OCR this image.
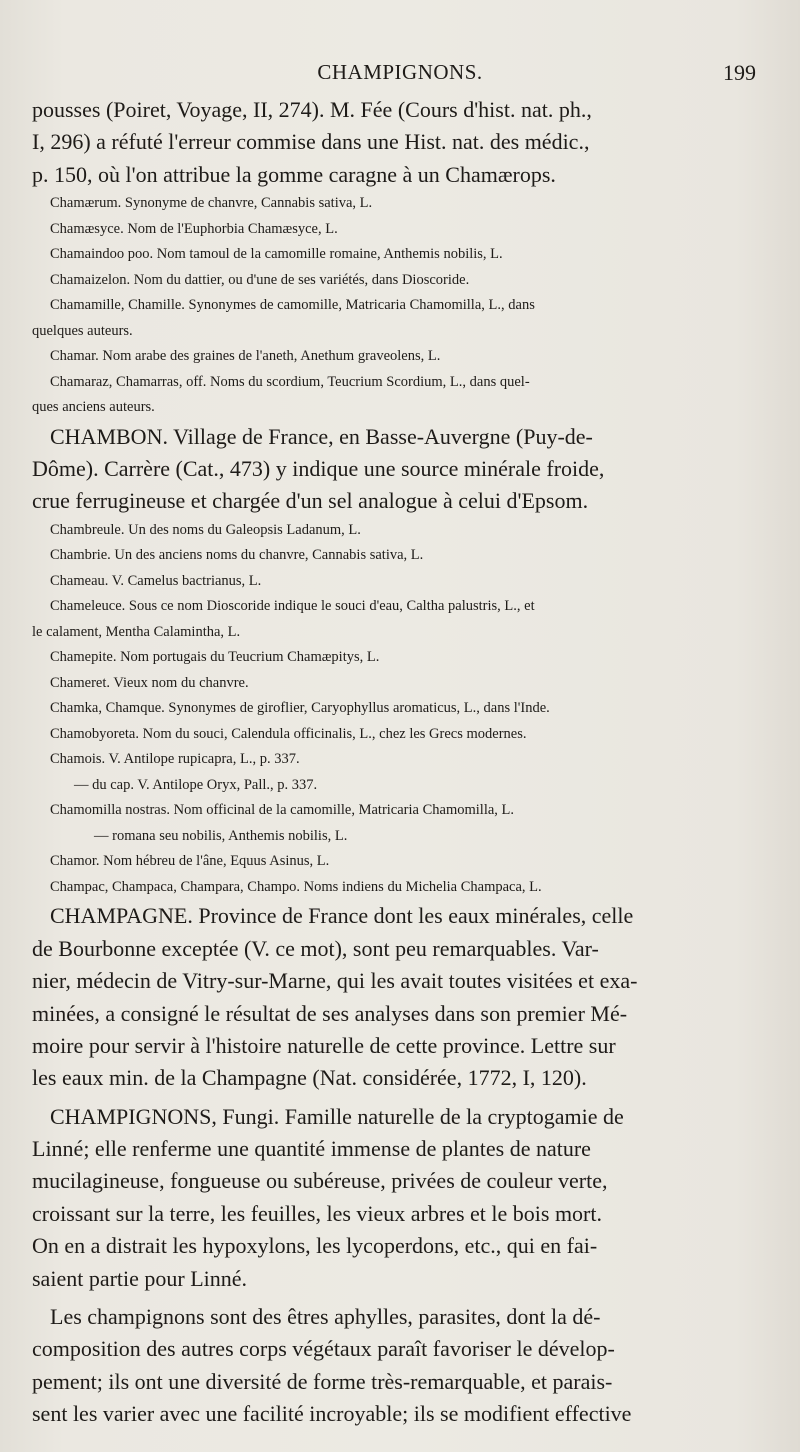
CHAMPIGNONS.	199
pousses (Poiret, Voyage, II, 274). M. Fée (Cours d'hist. nat. ph.,
I, 296) a réfuté l'erreur commise dans une Hist. nat. des médic.,
p. 150, où l'on attribue la gomme caragne à un Chamærops.
Chamærum. Synonyme de chanvre, Cannabis sativa, L.
Chamæsyce. Nom de l'Euphorbia Chamæsyce, L.
Chamaindoo poo. Nom tamoul de la camomille romaine, Anthemis nobilis, L.
Chamaizelon. Nom du dattier, ou d'une de ses variétés, dans Dioscoride.
Chamamille, Chamille. Synonymes de camomille, Matricaria Chamomilla, L., dans
quelques auteurs.
Chamar. Nom arabe des graines de l'aneth, Anethum graveolens, L.
Chamaraz, Chamarras, off. Noms du scordium, Teucrium Scordium, L., dans quel-
ques anciens auteurs.
CHAMBON. Village de France, en Basse-Auvergne (Puy-de-
Dôme). Carrère (Cat., 473) y indique une source minérale froide,
crue ferrugineuse et chargée d'un sel analogue à celui d'Epsom.
Chambreule. Un des noms du Galeopsis Ladanum, L.
Chambrie. Un des anciens noms du chanvre, Cannabis sativa, L.
Chameau. V. Camelus bactrianus, L.
Chameleuce. Sous ce nom Dioscoride indique le souci d'eau, Caltha palustris, L., et
le calament, Mentha Calamintha, L.
Chamepite. Nom portugais du Teucrium Chamæpitys, L.
Chameret. Vieux nom du chanvre.
Chamka, Chamque. Synonymes de giroflier, Caryophyllus aromaticus, L., dans l'Inde.
Chamobyoreta. Nom du souci, Calendula officinalis, L., chez les Grecs modernes.
Chamois. V. Antilope rupicapra, L., p. 337.
— du cap. V. Antilope Oryx, Pall., p. 337.
Chamomilla nostras. Nom officinal de la camomille, Matricaria Chamomilla, L.
— romana seu nobilis, Anthemis nobilis, L.
Chamor. Nom hébreu de l'âne, Equus Asinus, L.
Champac, Champaca, Champara, Champo. Noms indiens du Michelia Champaca, L.
CHAMPAGNE. Province de France dont les eaux minérales, celle
de Bourbonne exceptée (V. ce mot), sont peu remarquables. Var-
nier, médecin de Vitry-sur-Marne, qui les avait toutes visitées et exa-
minées, a consigné le résultat de ses analyses dans son premier Mé-
moire pour servir à l'histoire naturelle de cette province. Lettre sur
les eaux min. de la Champagne (Nat. considérée, 1772, I, 120).
CHAMPIGNONS, Fungi. Famille naturelle de la cryptogamie de
Linné; elle renferme une quantité immense de plantes de nature
mucilagineuse, fongueuse ou subéreuse, privées de couleur verte,
croissant sur la terre, les feuilles, les vieux arbres et le bois mort.
On en a distrait les hypoxylons, les lycoperdons, etc., qui en fai-
saient partie pour Linné.
Les champignons sont des êtres aphylles, parasites, dont la dé-
composition des autres corps végétaux paraît favoriser le dévelop-
pement; ils ont une diversité de forme très-remarquable, et parais-
sent les varier avec une facilité incroyable; ils se modifient effective
